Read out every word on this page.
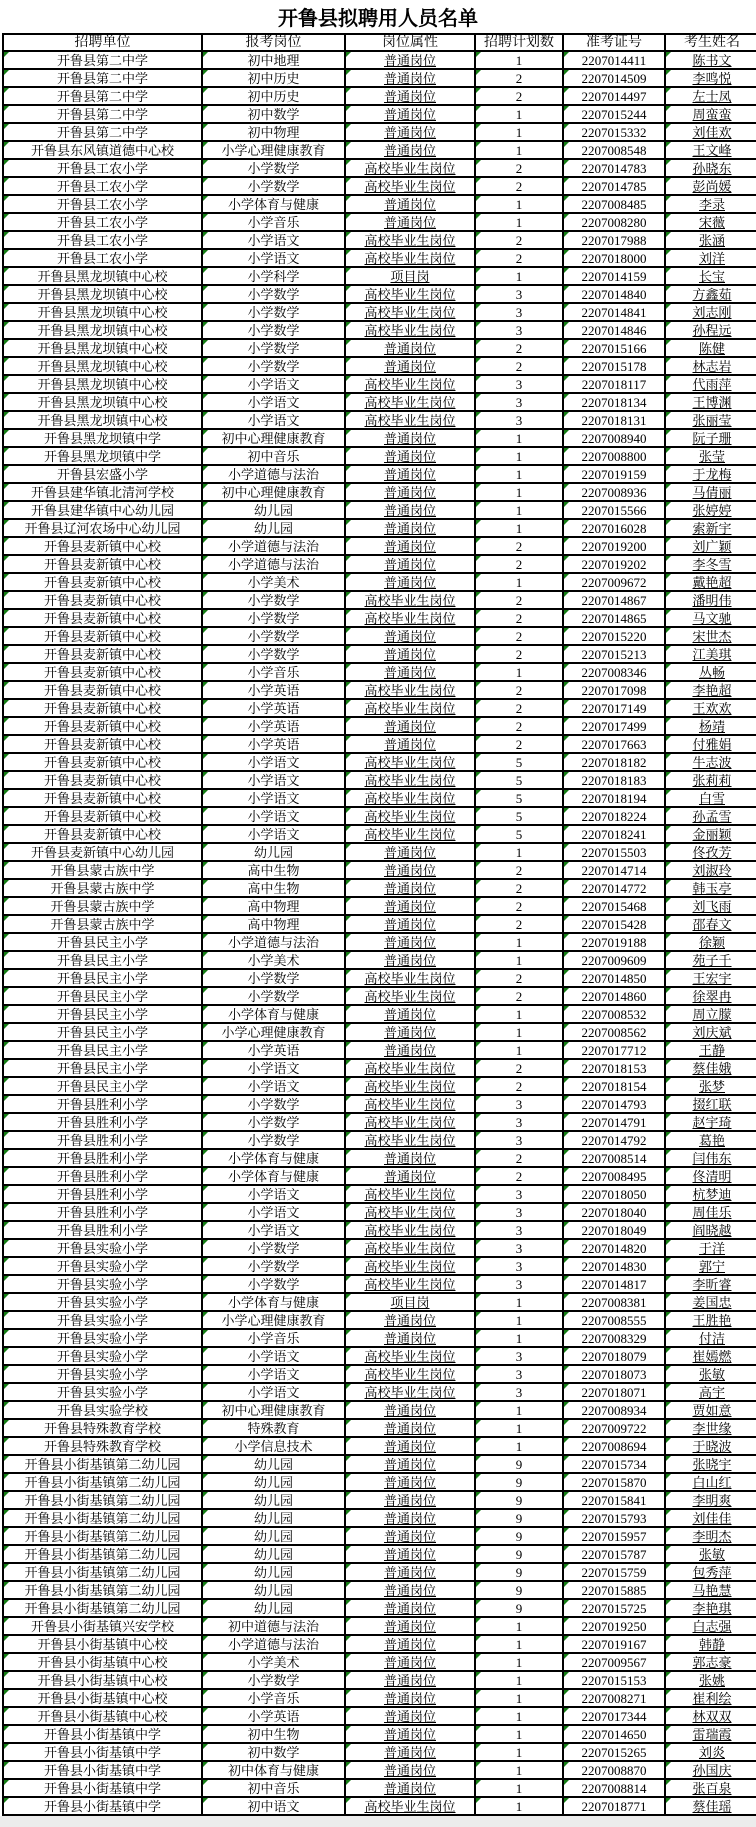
开鲁县拟聘用人员名单
招聘单位	报考岗位	岗位属性	招聘计划数	准考证号	考生姓名

开鲁县第二中学	初中地理	普通岗位	1	2207014411	陈书文

开鲁县第二中学	初中历史	普通岗位	2	2207014509	李鸣悦

开鲁县第二中学	初中历史	普通岗位	2	2207014497	左士凤

开鲁县第二中学	初中数学	普通岗位	1	2207015244	周蛮蛮

开鲁县第二中学	初中物理	普通岗位	1	2207015332	刘佳欢

开鲁县东风镇道德中心校	小学心理健康教育	普通岗位	1	2207008548	王文峰

开鲁县工农小学	小学数学	高校毕业生岗位	2	2207014783	孙晓东

开鲁县工农小学	小学数学	高校毕业生岗位	2	2207014785	彭尚媛

开鲁县工农小学	小学体育与健康	普通岗位	1	2207008485	李录

开鲁县工农小学	小学音乐	普通岗位	1	2207008280	宋薇

开鲁县工农小学	小学语文	高校毕业生岗位	2	2207017988	张涵

开鲁县工农小学	小学语文	高校毕业生岗位	2	2207018000	刘洋

开鲁县黑龙坝镇中心校	小学科学	项目岗	1	2207014159	长宝

开鲁县黑龙坝镇中心校	小学数学	高校毕业生岗位	3	2207014840	方鑫茹

开鲁县黑龙坝镇中心校	小学数学	高校毕业生岗位	3	2207014841	刘志刚

开鲁县黑龙坝镇中心校	小学数学	高校毕业生岗位	3	2207014846	孙程远

开鲁县黑龙坝镇中心校	小学数学	普通岗位	2	2207015166	陈健

开鲁县黑龙坝镇中心校	小学数学	普通岗位	2	2207015178	林志岩

开鲁县黑龙坝镇中心校	小学语文	高校毕业生岗位	3	2207018117	代雨萍

开鲁县黑龙坝镇中心校	小学语文	高校毕业生岗位	3	2207018134	王博渊

开鲁县黑龙坝镇中心校	小学语文	高校毕业生岗位	3	2207018131	张丽莹

开鲁县黑龙坝镇中学	初中心理健康教育	普通岗位	1	2207008940	阮子珊

开鲁县黑龙坝镇中学	初中音乐	普通岗位	1	2207008800	张莹

开鲁县宏盛小学	小学道德与法治	普通岗位	1	2207019159	于龙梅

开鲁县建华镇北清河学校	初中心理健康教育	普通岗位	1	2207008936	马倩丽

开鲁县建华镇中心幼儿园	幼儿园	普通岗位	1	2207015566	张婷婷

开鲁县辽河农场中心幼儿园	幼儿园	普通岗位	1	2207016028	索新宇

开鲁县麦新镇中心校	小学道德与法治	普通岗位	2	2207019200	刘广颖

开鲁县麦新镇中心校	小学道德与法治	普通岗位	2	2207019202	李冬雪

开鲁县麦新镇中心校	小学美术	普通岗位	1	2207009672	戴艳超

开鲁县麦新镇中心校	小学数学	高校毕业生岗位	2	2207014867	潘明伟

开鲁县麦新镇中心校	小学数学	高校毕业生岗位	2	2207014865	马文驰

开鲁县麦新镇中心校	小学数学	普通岗位	2	2207015220	宋世杰

开鲁县麦新镇中心校	小学数学	普通岗位	2	2207015213	江美琪

开鲁县麦新镇中心校	小学音乐	普通岗位	1	2207008346	丛畅

开鲁县麦新镇中心校	小学英语	高校毕业生岗位	2	2207017098	李艳超

开鲁县麦新镇中心校	小学英语	高校毕业生岗位	2	2207017149	王欢欢

开鲁县麦新镇中心校	小学英语	普通岗位	2	2207017499	杨靖

开鲁县麦新镇中心校	小学英语	普通岗位	2	2207017663	付雅娟

开鲁县麦新镇中心校	小学语文	高校毕业生岗位	5	2207018182	牛志波

开鲁县麦新镇中心校	小学语文	高校毕业生岗位	5	2207018183	张莉莉

开鲁县麦新镇中心校	小学语文	高校毕业生岗位	5	2207018194	白雪

开鲁县麦新镇中心校	小学语文	高校毕业生岗位	5	2207018224	孙孟雪

开鲁县麦新镇中心校	小学语文	高校毕业生岗位	5	2207018241	金丽颖

开鲁县麦新镇中心幼儿园	幼儿园	普通岗位	1	2207015503	佟孜芳

开鲁县蒙古族中学	高中生物	普通岗位	2	2207014714	刘淑玲

开鲁县蒙古族中学	高中生物	普通岗位	2	2207014772	韩玉亭

开鲁县蒙古族中学	高中物理	普通岗位	2	2207015468	刘飞雨

开鲁县蒙古族中学	高中物理	普通岗位	2	2207015428	邵春文

开鲁县民主小学	小学道德与法治	普通岗位	1	2207019188	徐颖

开鲁县民主小学	小学美术	普通岗位	1	2207009609	苑子千

开鲁县民主小学	小学数学	高校毕业生岗位	2	2207014850	王宏宇

开鲁县民主小学	小学数学	高校毕业生岗位	2	2207014860	徐翠冉

开鲁县民主小学	小学体育与健康	普通岗位	1	2207008532	周立朦

开鲁县民主小学	小学心理健康教育	普通岗位	1	2207008562	刘庆斌

开鲁县民主小学	小学英语	普通岗位	1	2207017712	王静

开鲁县民主小学	小学语文	高校毕业生岗位	2	2207018153	蔡佳娥

开鲁县民主小学	小学语文	高校毕业生岗位	2	2207018154	张梦

开鲁县胜利小学	小学数学	高校毕业生岗位	3	2207014793	掇红联

开鲁县胜利小学	小学数学	高校毕业生岗位	3	2207014791	赵宇琦

开鲁县胜利小学	小学数学	高校毕业生岗位	3	2207014792	葛艳

开鲁县胜利小学	小学体育与健康	普通岗位	2	2207008514	闫伟东

开鲁县胜利小学	小学体育与健康	普通岗位	2	2207008495	佟清明

开鲁县胜利小学	小学语文	高校毕业生岗位	3	2207018050	杭梦迪

开鲁县胜利小学	小学语文	高校毕业生岗位	3	2207018040	周佳乐

开鲁县胜利小学	小学语文	高校毕业生岗位	3	2207018049	阎晓越

开鲁县实验小学	小学数学	高校毕业生岗位	3	2207014820	于洋

开鲁县实验小学	小学数学	高校毕业生岗位	3	2207014830	郭宁

开鲁县实验小学	小学数学	高校毕业生岗位	3	2207014817	李昕睿

开鲁县实验小学	小学体育与健康	项目岗	1	2207008381	姜国忠

开鲁县实验小学	小学心理健康教育	普通岗位	1	2207008555	王胜艳

开鲁县实验小学	小学音乐	普通岗位	1	2207008329	付洁

开鲁县实验小学	小学语文	高校毕业生岗位	3	2207018079	崔嫣燃

开鲁县实验小学	小学语文	高校毕业生岗位	3	2207018073	张敏

开鲁县实验小学	小学语文	高校毕业生岗位	3	2207018071	高宇

开鲁县实验学校	初中心理健康教育	普通岗位	1	2207008934	贾如意

开鲁县特殊教育学校	特殊教育	普通岗位	1	2207009722	李世缘

开鲁县特殊教育学校	小学信息技术	普通岗位	1	2207008694	于晓波

开鲁县小街基镇第二幼儿园	幼儿园	普通岗位	9	2207015734	张晓宇

开鲁县小街基镇第二幼儿园	幼儿园	普通岗位	9	2207015870	白山红

开鲁县小街基镇第二幼儿园	幼儿园	普通岗位	9	2207015841	李明爽

开鲁县小街基镇第二幼儿园	幼儿园	普通岗位	9	2207015793	刘佳佳

开鲁县小街基镇第二幼儿园	幼儿园	普通岗位	9	2207015957	李明杰

开鲁县小街基镇第二幼儿园	幼儿园	普通岗位	9	2207015787	张敏

开鲁县小街基镇第二幼儿园	幼儿园	普通岗位	9	2207015759	包秀萍

开鲁县小街基镇第二幼儿园	幼儿园	普通岗位	9	2207015885	马艳慧

开鲁县小街基镇第二幼儿园	幼儿园	普通岗位	9	2207015725	李艳琪

开鲁县小街基镇兴安学校	初中道德与法治	普通岗位	1	2207019250	白志强

开鲁县小街基镇中心校	小学道德与法治	普通岗位	1	2207019167	韩静

开鲁县小街基镇中心校	小学美术	普通岗位	1	2207009567	郭志豪

开鲁县小街基镇中心校	小学数学	普通岗位	1	2207015153	张姚

开鲁县小街基镇中心校	小学音乐	普通岗位	1	2207008271	崔利绘

开鲁县小街基镇中心校	小学英语	普通岗位	1	2207017344	林双双

开鲁县小街基镇中学	初中生物	普通岗位	1	2207014650	雷瑞霞

开鲁县小街基镇中学	初中数学	普通岗位	1	2207015265	刘炎

开鲁县小街基镇中学	初中体育与健康	普通岗位	1	2207008870	孙国庆

开鲁县小街基镇中学	初中音乐	普通岗位	1	2207008814	张百泉

开鲁县小街基镇中学	初中语文	高校毕业生岗位	1	2207018771	蔡佳瑶
